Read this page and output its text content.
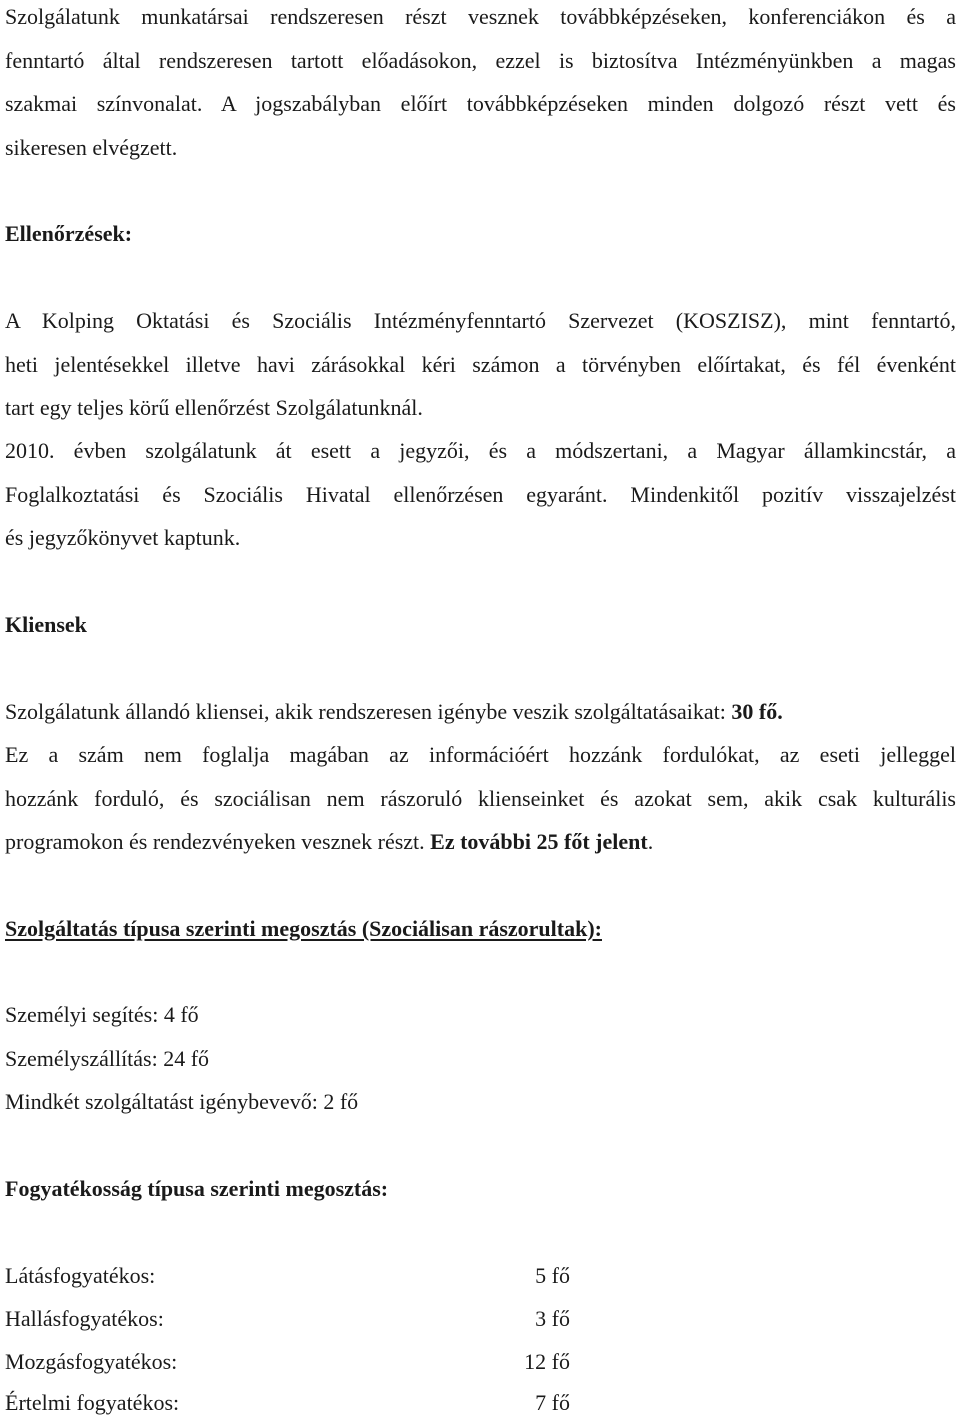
Szolgálatunk munkatársai rendszeresen részt vesznek továbbképzéseken, konferenciákon és a
fenntartó által rendszeresen tartott előadásokon, ezzel is biztosítva Intézményünkben a magas
szakmai színvonalat. A jogszabályban előírt továbbképzéseken minden dolgozó részt vett és
sikeresen elvégzett.
Ellenőrzések:
A Kolping Oktatási és Szociális Intézményfenntartó Szervezet (KOSZISZ), mint fenntartó,
heti jelentésekkel illetve havi zárásokkal kéri számon a törvényben előírtakat, és fél évenként
tart egy teljes körű ellenőrzést Szolgálatunknál.
2010. évben szolgálatunk át esett a jegyzői, és a módszertani, a Magyar államkincstár, a
Foglalkoztatási és Szociális Hivatal ellenőrzésen egyaránt. Mindenkitől pozitív visszajelzést
és jegyzőkönyvet kaptunk.
Kliensek
Szolgálatunk állandó kliensei, akik rendszeresen igénybe veszik szolgáltatásaikat: 30 fő.
Ez a szám nem foglalja magában az információért hozzánk fordulókat, az eseti jelleggel
hozzánk forduló, és szociálisan nem rászoruló klienseinket és azokat sem, akik csak kulturális
programokon és rendezvényeken vesznek részt. Ez további 25 főt jelent.
Szolgáltatás típusa szerinti megosztás (Szociálisan rászorultak):
Személyi segítés: 4 fő
Személyszállítás: 24 fő
Mindkét szolgáltatást igénybevevő: 2 fő
Fogyatékosság típusa szerinti megosztás:
Látásfogyatékos:	5 fő
Hallásfogyatékos:	3 fő
Mozgásfogyatékos:	12 fő
Értelmi fogyatékos:	7 fő
